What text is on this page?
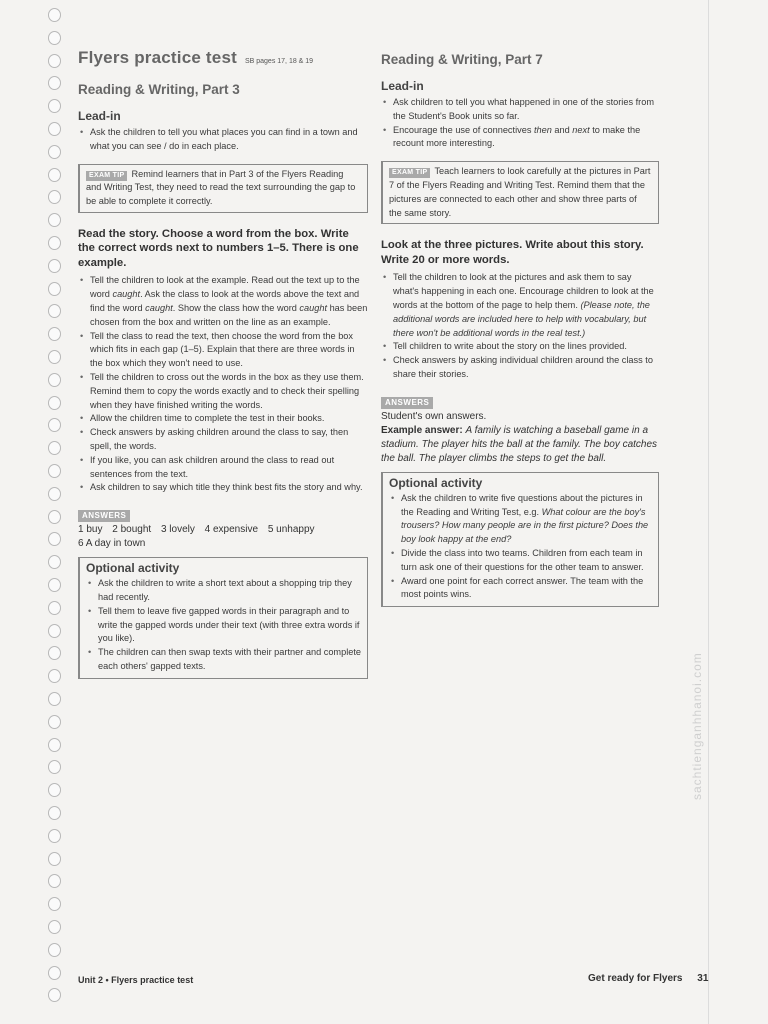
Flyers practice test SB pages 17, 18 & 19
Reading & Writing, Part 3
Lead-in
• Ask the children to tell you what places you can find in a town and what you can see / do in each place.
EXAM TIP Remind learners that in Part 3 of the Flyers Reading and Writing Test, they need to read the text surrounding the gap to be able to complete it correctly.
Read the story. Choose a word from the box. Write the correct words next to numbers 1–5. There is one example.
• Tell the children to look at the example. Read out the text up to the word caught. Ask the class to look at the words above the text and find the word caught. Show the class how the word caught has been chosen from the box and written on the line as an example.
• Tell the class to read the text, then choose the word from the box which fits in each gap (1–5). Explain that there are three words in the box which they won't need to use.
• Tell the children to cross out the words in the box as they use them. Remind them to copy the words exactly and to check their spelling when they have finished writing the words.
• Allow the children time to complete the test in their books.
• Check answers by asking children around the class to say, then spell, the words.
• If you like, you can ask children around the class to read out sentences from the text.
• Ask children to say which title they think best fits the story and why.
ANSWERS
1 buy 2 bought 3 lovely 4 expensive 5 unhappy
6 A day in town
Optional activity
• Ask the children to write a short text about a shopping trip they had recently.
• Tell them to leave five gapped words in their paragraph and to write the gapped words under their text (with three extra words if you like).
• The children can then swap texts with their partner and complete each others' gapped texts.
Reading & Writing, Part 7
Lead-in
• Ask children to tell you what happened in one of the stories from the Student's Book units so far.
• Encourage the use of connectives then and next to make the recount more interesting.
EXAM TIP Teach learners to look carefully at the pictures in Part 7 of the Flyers Reading and Writing Test. Remind them that the pictures are connected to each other and show three parts of the same story.
Look at the three pictures. Write about this story. Write 20 or more words.
• Tell the children to look at the pictures and ask them to say what's happening in each one. Encourage children to look at the words at the bottom of the page to help them. (Please note, the additional words are included here to help with vocabulary, but there won't be additional words in the real test.)
• Tell children to write about the story on the lines provided.
• Check answers by asking individual children around the class to share their stories.
ANSWERS
Student's own answers.
Example answer: A family is watching a baseball game in a stadium. The player hits the ball at the family. The boy catches the ball. The player climbs the steps to get the ball.
Optional activity
• Ask the children to write five questions about the pictures in the Reading and Writing Test, e.g. What colour are the boy's trousers? How many people are in the first picture? Does the boy look happy at the end?
• Divide the class into two teams. Children from each team in turn ask one of their questions for the other team to answer.
• Award one point for each correct answer. The team with the most points wins.
sachtienganhhanoi.com
Unit 2 • Flyers practice test	Get ready for Flyers 31
